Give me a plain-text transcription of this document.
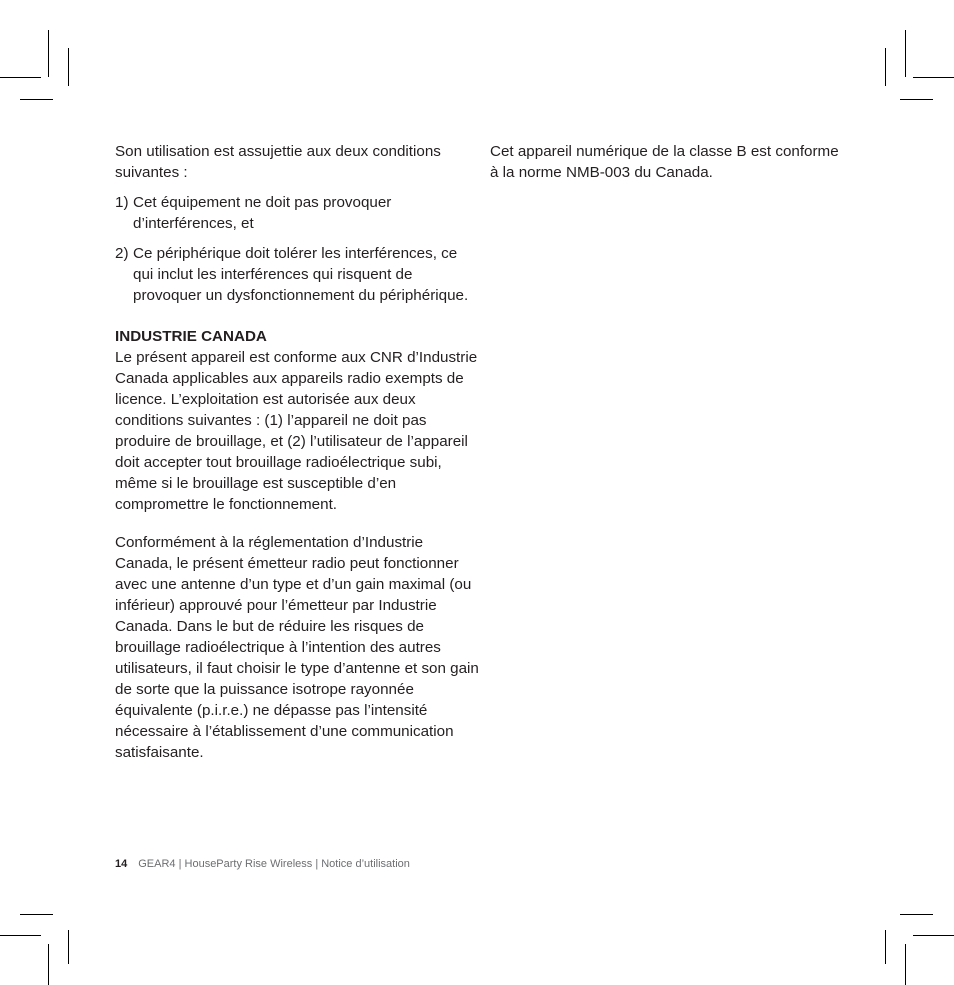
Son utilisation est assujettie aux deux conditions suivantes :

1) Cet équipement ne doit pas provoquer d’interférences, et
2) Ce périphérique doit tolérer les interférences, ce qui inclut les interférences qui risquent de provoquer un dysfonctionnement du périphérique.

INDUSTRIE CANADA

Le présent appareil est conforme aux CNR d’Industrie Canada applicables aux appareils radio exempts de licence. L’exploitation est autorisée aux deux conditions suivantes : (1) l’appareil ne doit pas produire de brouillage, et (2) l’utilisateur de l’appareil doit accepter tout brouillage radioélectrique subi, même si le brouillage est susceptible d’en compromettre le fonctionnement.

Conformément à la réglementation d’Industrie Canada, le présent émetteur radio peut fonctionner avec une antenne d’un type et d’un gain maximal (ou inférieur) approuvé pour l’émetteur par Industrie Canada. Dans le but de réduire les risques de brouillage radioélectrique à l’intention des autres utilisateurs, il faut choisir le type d’antenne et son gain de sorte que la puissance isotrope rayonnée équivalente (p.i.r.e.) ne dépasse pas l’intensité nécessaire à l’établissement d’une communication satisfaisante.

Cet appareil numérique de la classe B est conforme à la norme NMB-003 du Canada.

14 GEAR4 | HouseParty Rise Wireless | Notice d’utilisation
